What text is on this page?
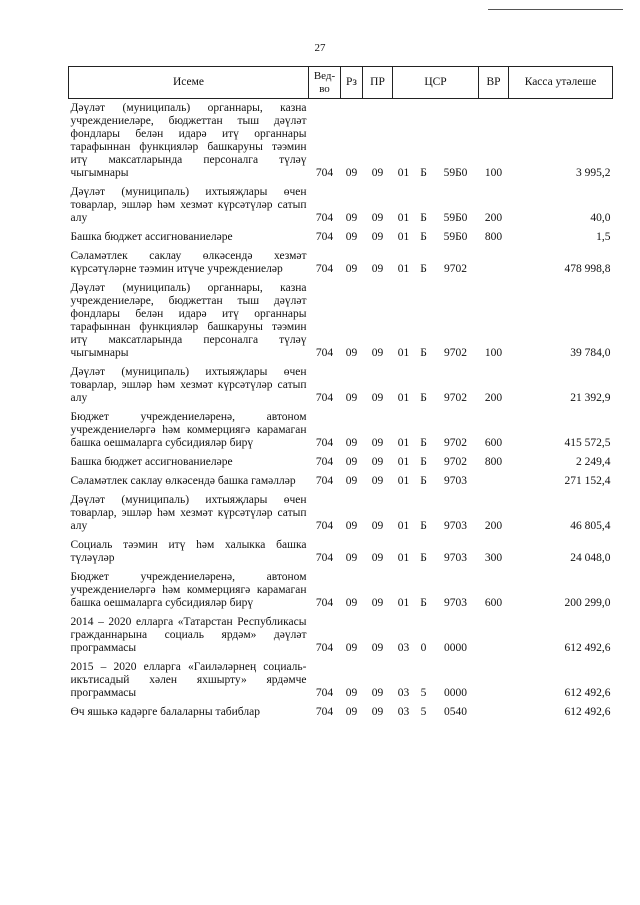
27
Исеме	Вед-во	Рз	ПР	ЦСР			ВР	Касса утәлеше
Дәүләт (муниципаль) органнары, казна учреждениеләре, бюджеттан тыш дәүләт фондлары белән идарә итү органнары тарафыннан функцияләр башкаруны тәэмин итү максатларында персоналга түләү чыгымнары	704	09	09	01	Б	59Б0	100	3 995,2
Дәүләт (муниципаль) ихтыяҗлары өчен товарлар, эшләр һәм хезмәт күрсәтүләр сатып алу	704	09	09	01	Б	59Б0	200	40,0
Башка бюджет ассигнованиеләре	704	09	09	01	Б	59Б0	800	1,5
Сәламәтлек саклау өлкәсендә хезмәт күрсәтүләрне тәэмин итүче учреждениеләр	704	09	09	01	Б	9702		478 998,8
Дәүләт (муниципаль) органнары, казна учреждениеләре, бюджеттан тыш дәүләт фондлары белән идарә итү органнары тарафыннан функцияләр башкаруны тәэмин итү максатларында персоналга түләү чыгымнары	704	09	09	01	Б	9702	100	39 784,0
Дәүләт (муниципаль) ихтыяҗлары өчен товарлар, эшләр һәм хезмәт күрсәтүләр сатып алу	704	09	09	01	Б	9702	200	21 392,9
Бюджет учреждениеләренә, автоном учреждениеләргә һәм коммерциягә карамаган башка оешмаларга субсидияләр бирү	704	09	09	01	Б	9702	600	415 572,5
Башка бюджет ассигнованиеләре	704	09	09	01	Б	9702	800	2 249,4
Сәламәтлек саклау өлкәсендә башка гамәлләр	704	09	09	01	Б	9703		271 152,4
Дәүләт (муниципаль) ихтыяҗлары өчен товарлар, эшләр һәм хезмәт күрсәтүләр сатып алу	704	09	09	01	Б	9703	200	46 805,4
Социаль тәэмин итү һәм халыкка башка түләүләр	704	09	09	01	Б	9703	300	24 048,0
Бюджет учреждениеләренә, автоном учреждениеләргә һәм коммерциягә карамаган башка оешмаларга субсидияләр бирү	704	09	09	01	Б	9703	600	200 299,0
2014 – 2020 елларга «Татарстан Республикасы гражданнарына социаль ярдәм» дәүләт программасы	704	09	09	03	0	0000		612 492,6
2015 – 2020 елларга «Гаиләләрнең социаль-икътисадый хәлен яхшырту» ярдәмче программасы	704	09	09	03	5	0000		612 492,6
Өч яшькә кадәрге балаларны табиблар	704	09	09	03	5	0540		612 492,6
